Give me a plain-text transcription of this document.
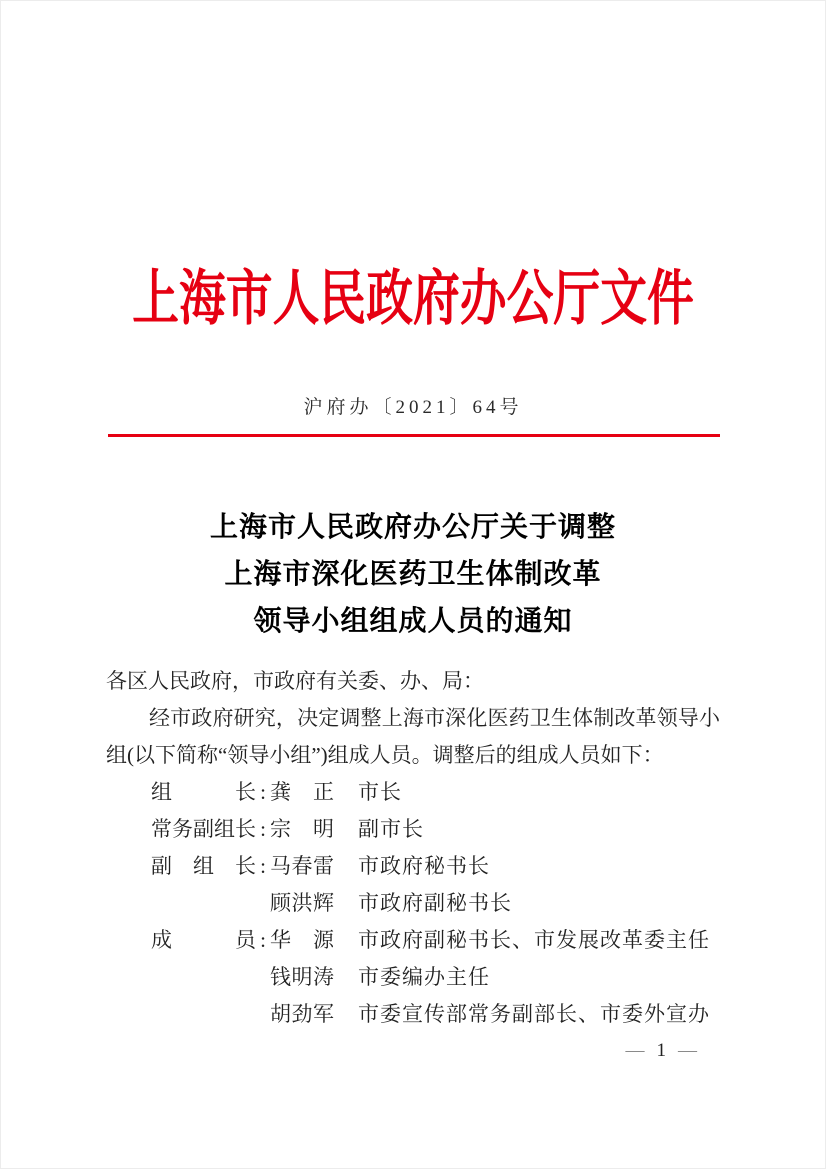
上海市人民政府办公厅文件
沪府办〔2021〕64号
上海市人民政府办公厅关于调整
上海市深化医药卫生体制改革
领导小组组成人员的通知

各区人民政府，市政府有关委、办、局：

经市政府研究，决定调整上海市深化医药卫生体制改革领导小组(以下简称“领导小组”)组成人员。调整后的组成人员如下：

组长 : 龚正 市长
常务副组长 : 宗明 副市长
副组长 : 马春雷 市政府秘书长
顾洪辉 市政府副秘书长
成员 : 华源 市政府副秘书长、市发展改革委主任
钱明涛 市委编办主任
胡劲军 市委宣传部常务副部长、市委外宣办
— 1 —
